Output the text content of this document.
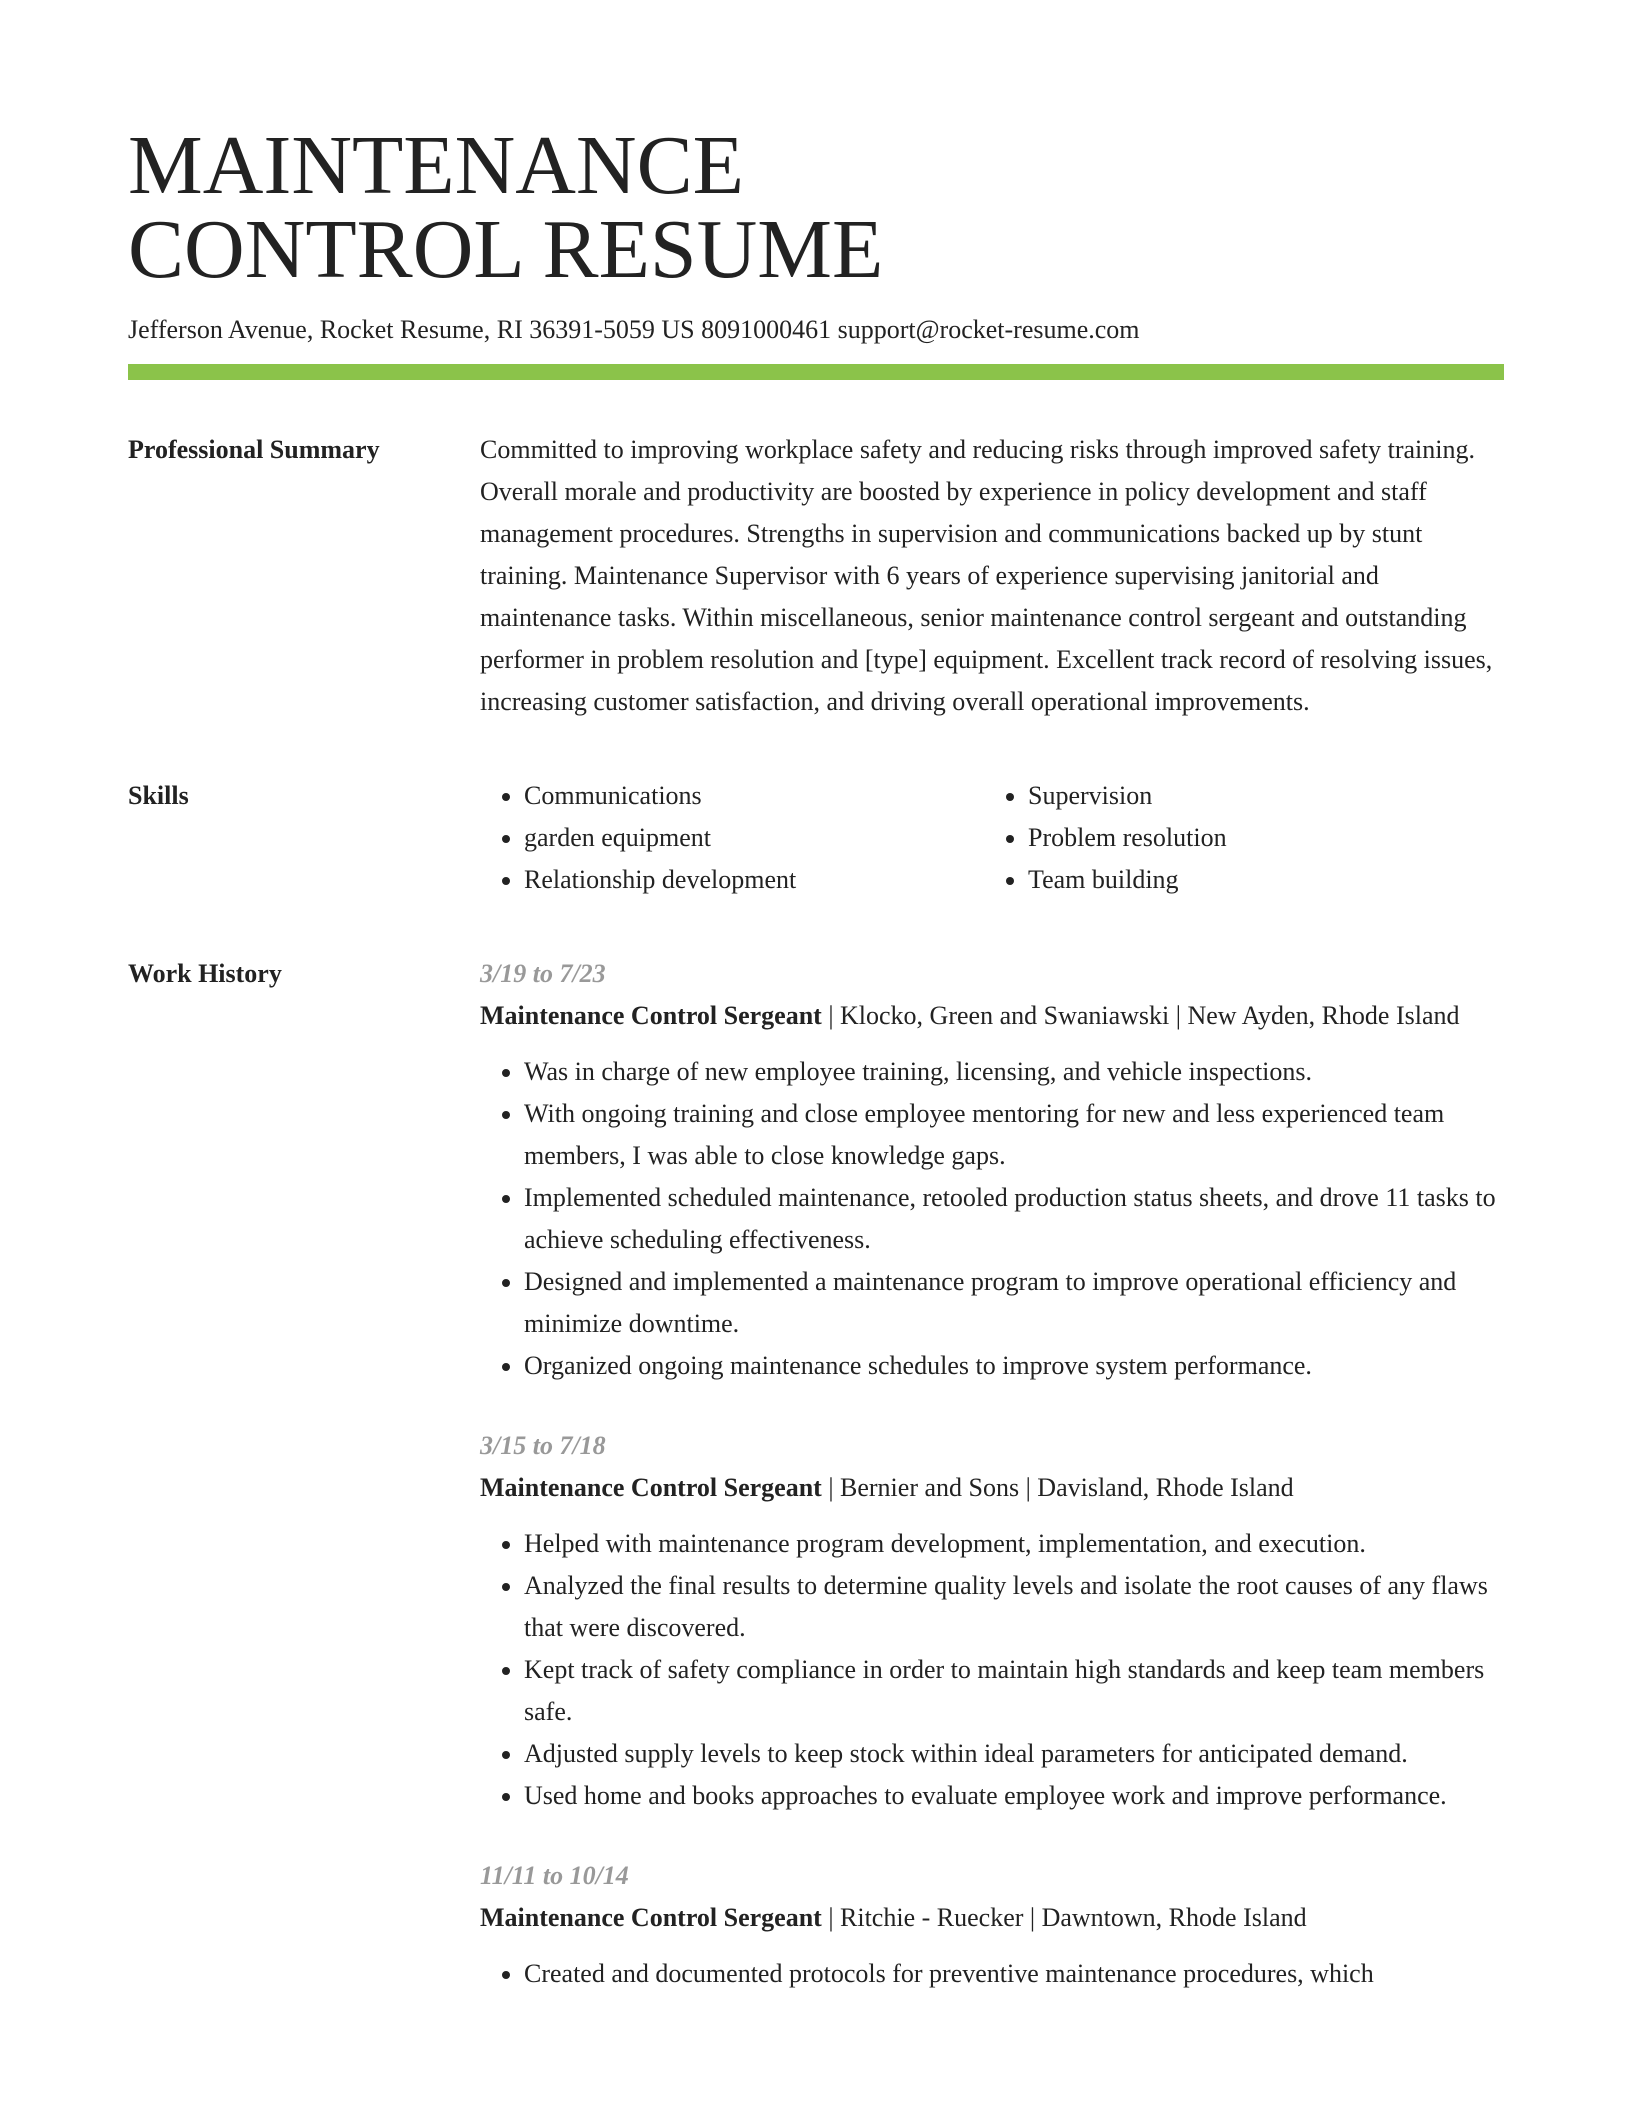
MAINTENANCE
CONTROL RESUME
Jefferson Avenue, Rocket Resume, RI 36391-5059 US 8091000461 support@rocket-resume.com
Professional Summary	Committed to improving workplace safety and reducing risks through improved safety training. Overall morale and productivity are boosted by experience in policy development and staff management procedures. Strengths in supervision and communications backed up by stunt training. Maintenance Supervisor with 6 years of experience supervising janitorial and maintenance tasks. Within miscellaneous, senior maintenance control sergeant and outstanding performer in problem resolution and [type] equipment. Excellent track record of resolving issues, increasing customer satisfaction, and driving overall operational improvements.

Skills
•	Communications
• garden equipment
• Relationship development
• Supervision
• Problem resolution
• Team building
Work History	3/19 to 7/23
Maintenance Control Sergeant | Klocko, Green and Swaniawski | New Ayden, Rhode Island
• Was in charge of new employee training, licensing, and vehicle inspections.
• With ongoing training and close employee mentoring for new and less experienced team members, I was able to close knowledge gaps.
• Implemented scheduled maintenance, retooled production status sheets, and drove 11 tasks to achieve scheduling effectiveness.
• Designed and implemented a maintenance program to improve operational efficiency and minimize downtime.
• Organized ongoing maintenance schedules to improve system performance.
3/15 to 7/18
Maintenance Control Sergeant | Bernier and Sons | Davisland, Rhode Island
• Helped with maintenance program development, implementation, and execution.
• Analyzed the final results to determine quality levels and isolate the root causes of any flaws that were discovered.
• Kept track of safety compliance in order to maintain high standards and keep team members safe.
• Adjusted supply levels to keep stock within ideal parameters for anticipated demand.
• Used home and books approaches to evaluate employee work and improve performance.
11/11 to 10/14
Maintenance Control Sergeant | Ritchie - Ruecker | Dawntown, Rhode Island
• Created and documented protocols for preventive maintenance procedures, which
